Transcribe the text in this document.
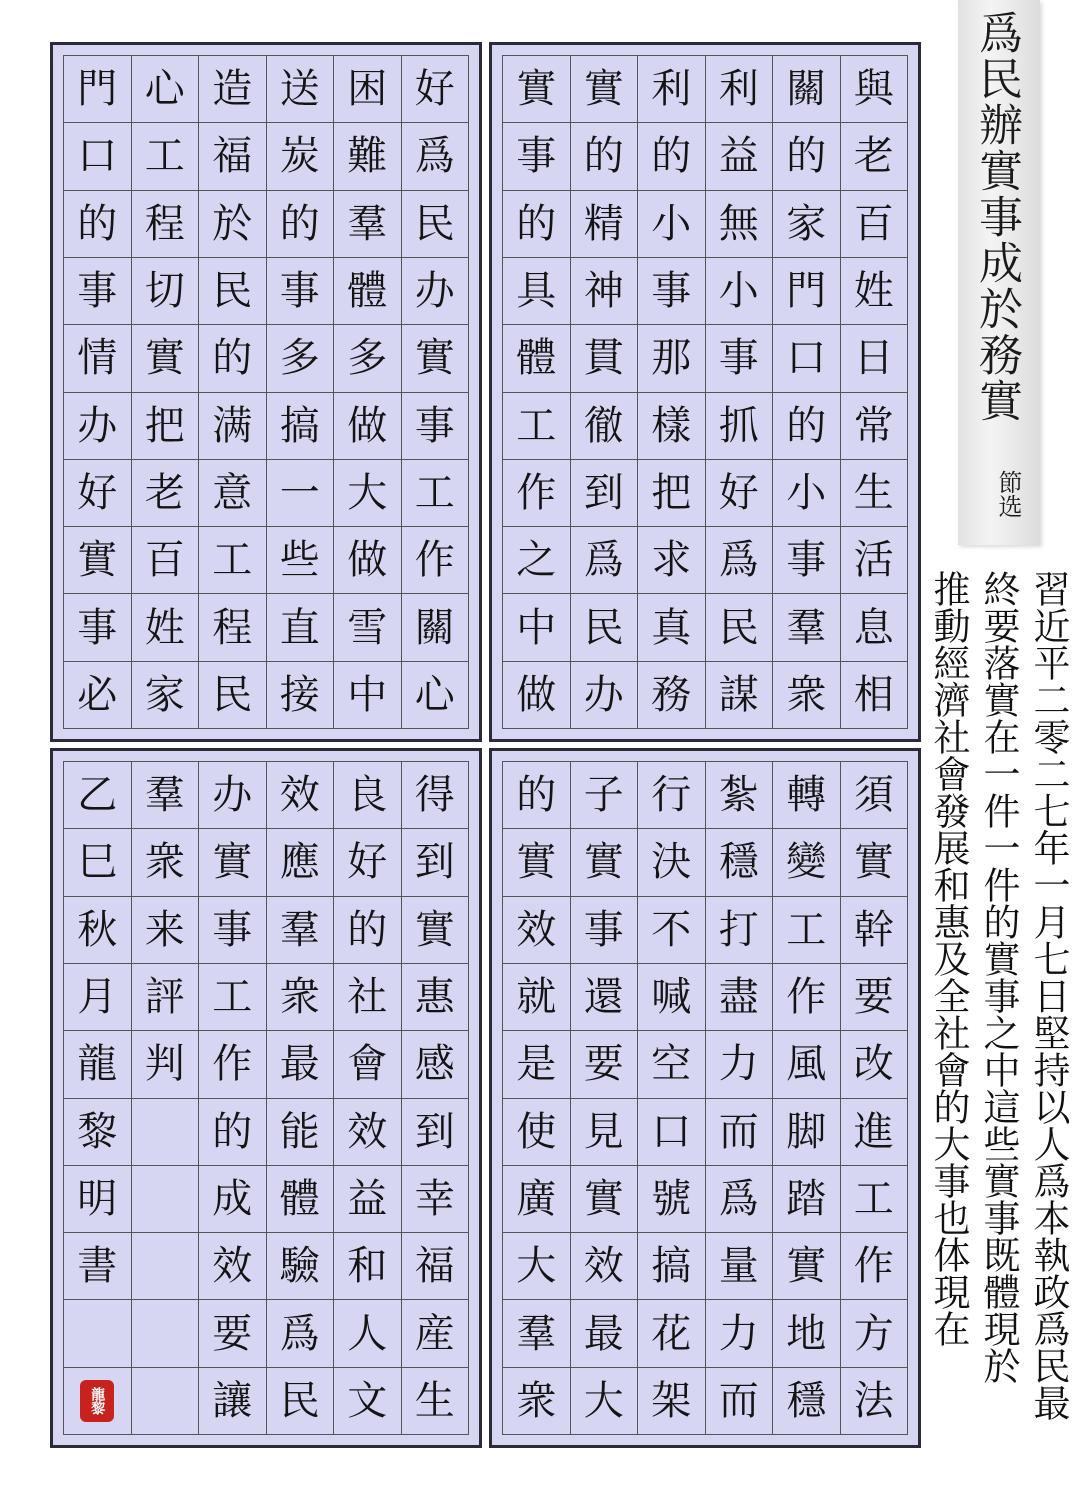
門
口
的
事
情
办
好
實
事
必
心
工
程
切
實
把
老
百
姓
家
造
福
於
民
的
满
意
工
程
民
送
炭
的
事
多
搞
一
些
直
接
困
難
羣
體
多
做
大
做
雪
中
好
爲
民
办
實
事
工
作
關
心
實
事
的
具
體
工
作
之
中
做
實
的
精
神
貫
徹
到
爲
民
办
利
的
小
事
那
樣
把
求
真
務
利
益
無
小
事
抓
好
爲
民
謀
關
的
家
門
口
的
小
事
羣
衆
與
老
百
姓
日
常
生
活
息
相
乙
巳
秋
月
龍
黎
明
書
龍黎
羣
衆
来
評
判
办
實
事
工
作
的
成
效
要
讓
效
應
羣
衆
最
能
體
驗
爲
民
良
好
的
社
會
效
益
和
人
文
得
到
實
惠
感
到
幸
福
産
生
的
實
效
就
是
使
廣
大
羣
衆
子
實
事
還
要
見
實
效
最
大
行
決
不
喊
空
口
號
搞
花
架
紮
穩
打
盡
力
而
爲
量
力
而
轉
變
工
作
風
脚
踏
實
地
穩
須
實
幹
要
改
進
工
作
方
法
爲民辦實事成於務實
節选
習近平二零二七年一月七日堅持以人爲本執政爲民最
終要落實在一件一件的實事之中這些實事既體現於
推動經濟社會發展和惠及全社會的大事也体現在
